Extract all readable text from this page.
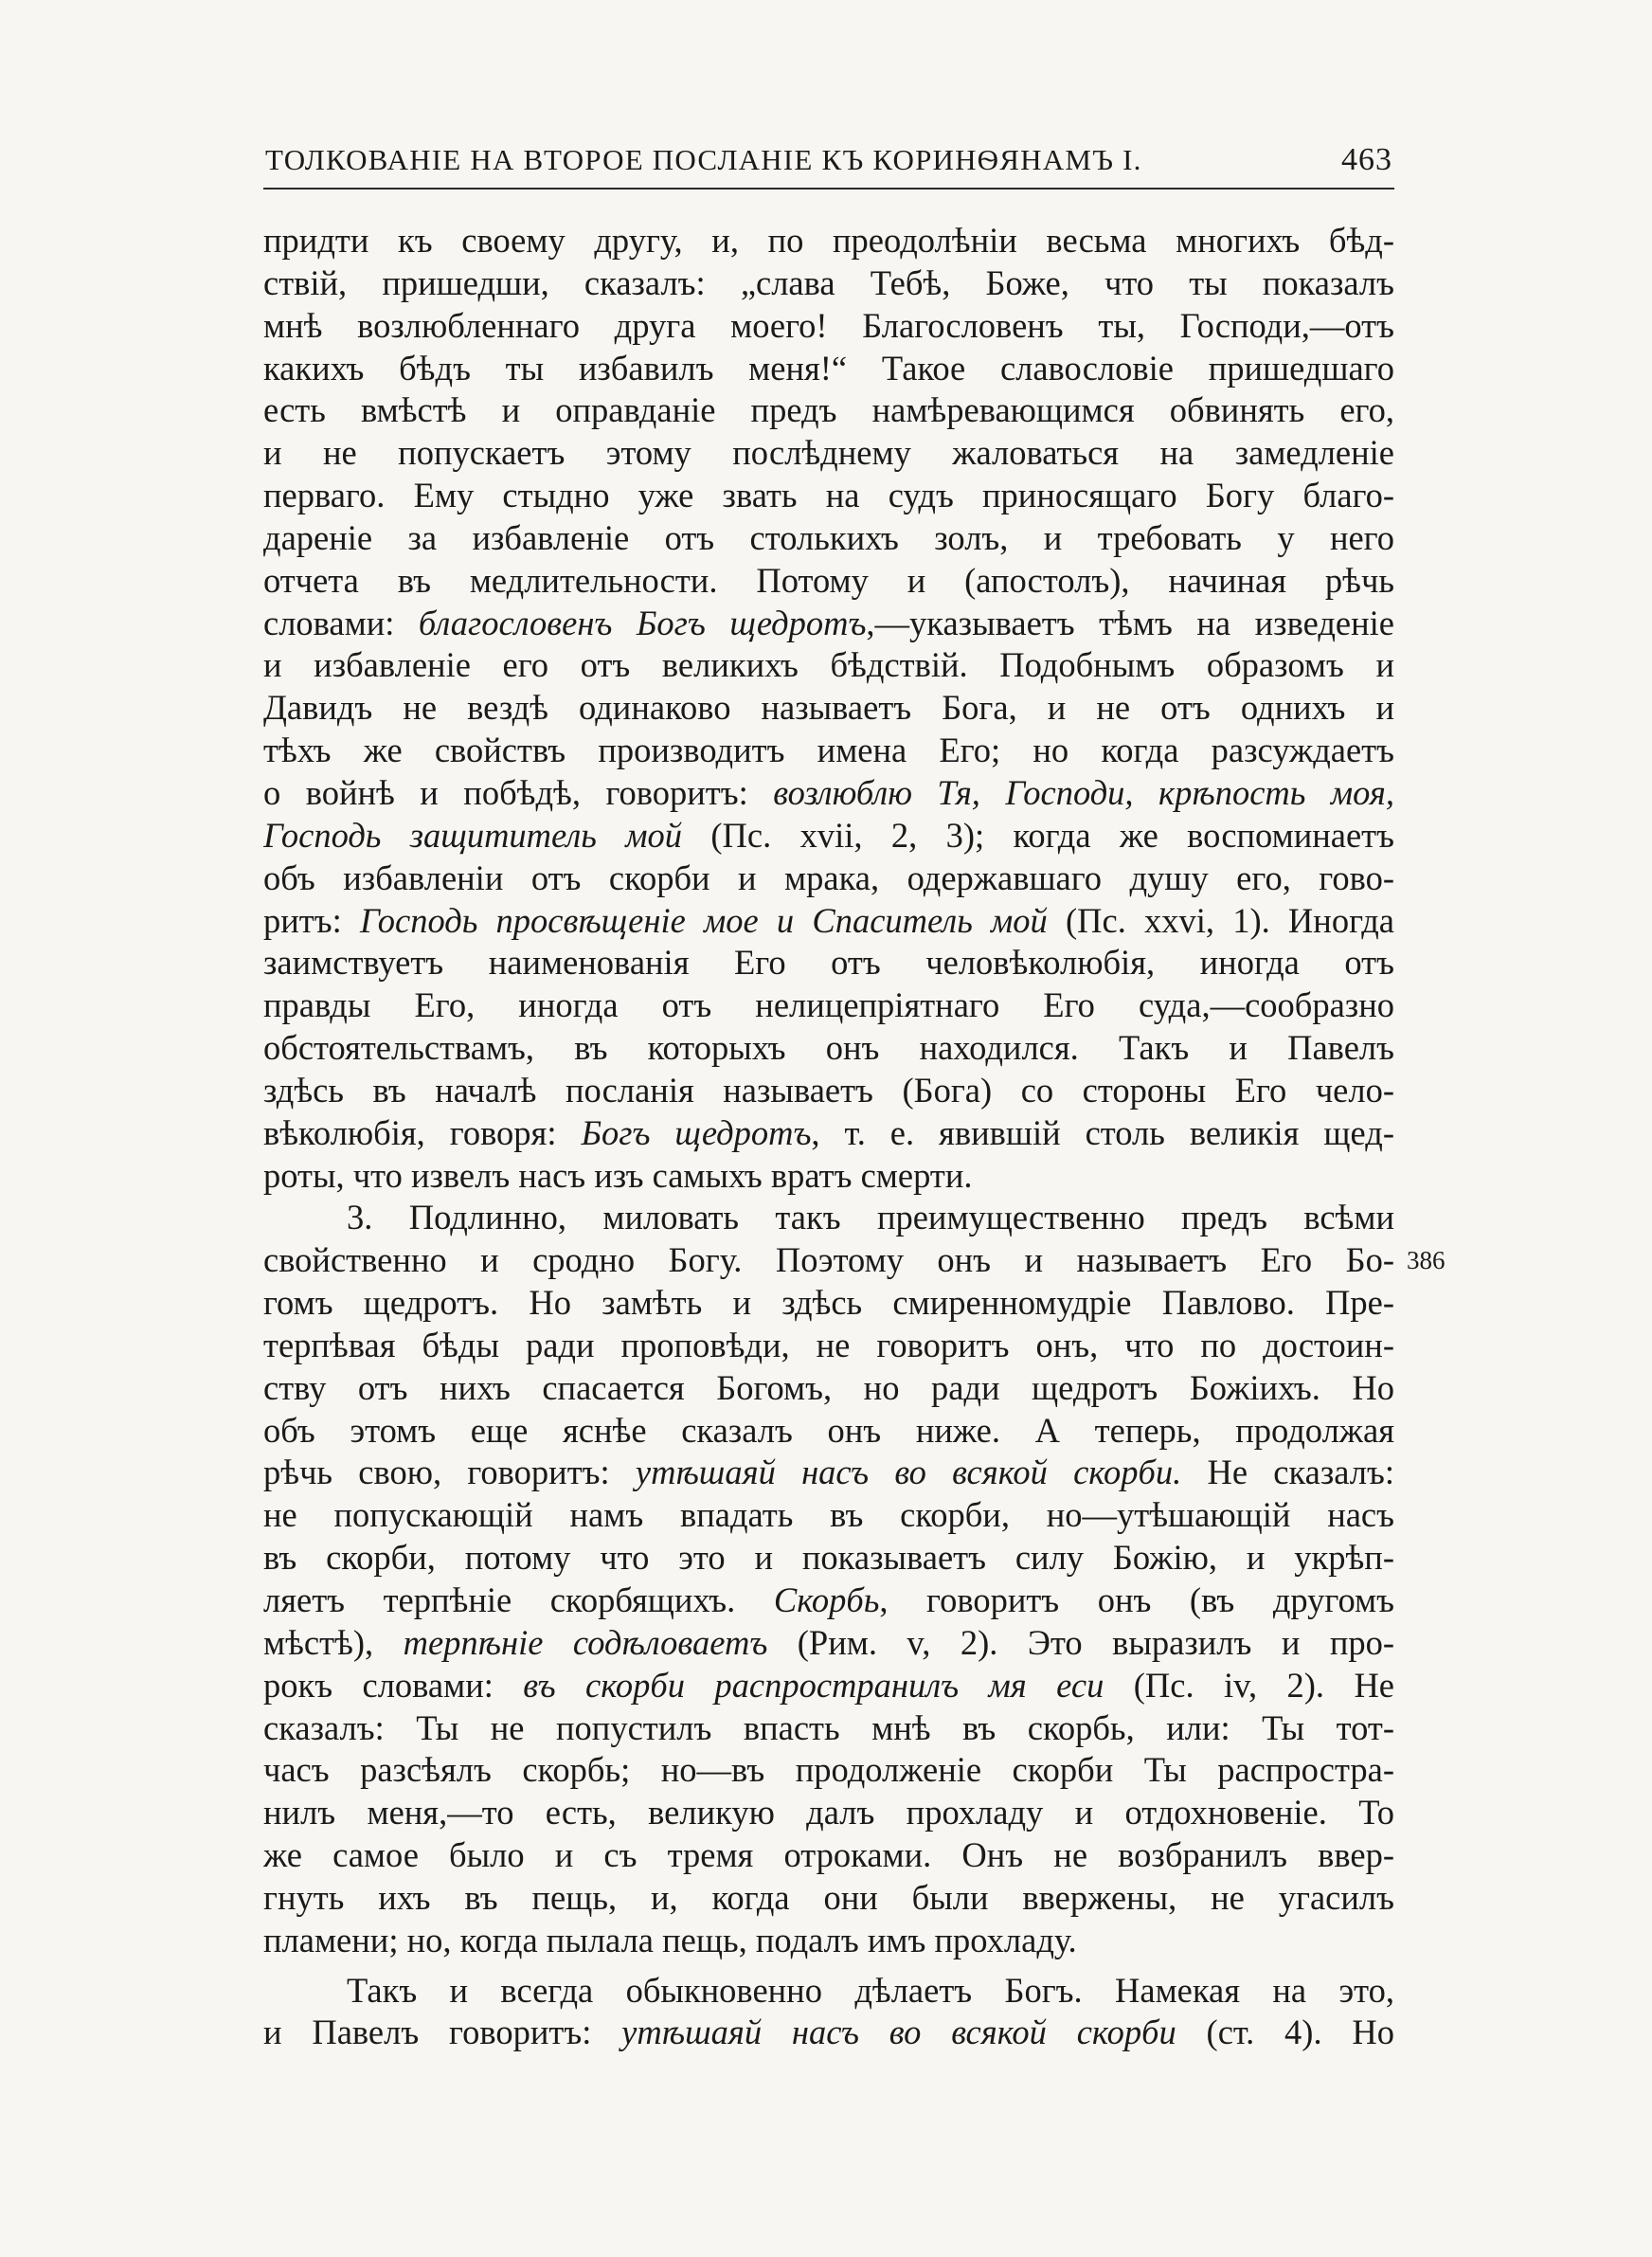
ТОЛКОВАНІЕ НА ВТОРОЕ ПОСЛАНІЕ КЪ КОРИНѲЯНАМЪ I.	463
придти къ своему другу, и, по преодолѣніи весьма многихъ бѣд-
ствій, пришедши, сказалъ: „слава Тебѣ, Боже, что ты показалъ
мнѣ возлюбленнаго друга моего! Благословенъ ты, Господи,—отъ
какихъ бѣдъ ты избавилъ меня!“ Такое славословіе пришедшаго
есть вмѣстѣ и оправданіе предъ намѣревающимся обвинять его,
и не попускаетъ этому послѣднему жаловаться на замедленіе
перваго. Ему стыдно уже звать на судъ приносящаго Богу благо-
дареніе за избавленіе отъ столькихъ золъ, и требовать у него
отчета въ медлительности. Потому и (апостолъ), начиная рѣчь
словами: благословенъ Богъ щедротъ,—указываетъ тѣмъ на изведеніе
и избавленіе его отъ великихъ бѣдствій. Подобнымъ образомъ и
Давидъ не вездѣ одинаково называетъ Бога, и не отъ однихъ и
тѣхъ же свойствъ производитъ имена Его; но когда разсуждаетъ
о войнѣ и побѣдѣ, говоритъ: возлюблю Тя, Господи, крѣпость моя,
Господь защититель мой (Пс. xvii, 2, 3); когда же воспоминаетъ
объ избавленіи отъ скорби и мрака, одержавшаго душу его, гово-
ритъ: Господь просвѣщеніе мое и Спаситель мой (Пс. xxvi, 1). Иногда
заимствуетъ наименованія Его отъ человѣколюбія, иногда отъ
правды Его, иногда отъ нелицепріятнаго Его суда,—сообразно
обстоятельствамъ, въ которыхъ онъ находился. Такъ и Павелъ
здѣсь въ началѣ посланія называетъ (Бога) со стороны Его чело-
вѣколюбія, говоря: Богъ щедротъ, т. е. явившій столь великія щед-
роты, что извелъ насъ изъ самыхъ вратъ смерти.
3. Подлинно, миловать такъ преимущественно предъ всѣми
свойственно и сродно Богу. Поэтому онъ и называетъ Его Бо-
гомъ щедротъ. Но замѣть и здѣсь смиренномудріе Павлово. Пре-
терпѣвая бѣды ради проповѣди, не говоритъ онъ, что по достоин-
ству отъ нихъ спасается Богомъ, но ради щедротъ Божіихъ. Но
объ этомъ еще яснѣе сказалъ онъ ниже. А теперь, продолжая
рѣчь свою, говоритъ: утѣшаяй насъ во всякой скорби. Не сказалъ:
не попускающій намъ впадать въ скорби, но—утѣшающій насъ
въ скорби, потому что это и показываетъ силу Божію, и укрѣп-
ляетъ терпѣніе скорбящихъ. Скорбь, говоритъ онъ (въ другомъ
мѣстѣ), терпѣніе содѣловаетъ (Рим. v, 2). Это выразилъ и про-
рокъ словами: въ скорби распространилъ мя еси (Пс. iv, 2). Не
сказалъ: Ты не попустилъ впасть мнѣ въ скорбь, или: Ты тот-
часъ разсѣялъ скорбь; но—въ продолженіе скорби Ты распростра-
нилъ меня,—то есть, великую далъ прохладу и отдохновеніе. То
же самое было и съ тремя отроками. Онъ не возбранилъ ввер-
гнуть ихъ въ пещь, и, когда они были ввержены, не угасилъ
пламени; но, когда пылала пещь, подалъ имъ прохладу.
Такъ и всегда обыкновенно дѣлаетъ Богъ. Намекая на это,
и Павелъ говоритъ: утѣшаяй насъ во всякой скорби (ст. 4). Но
386
